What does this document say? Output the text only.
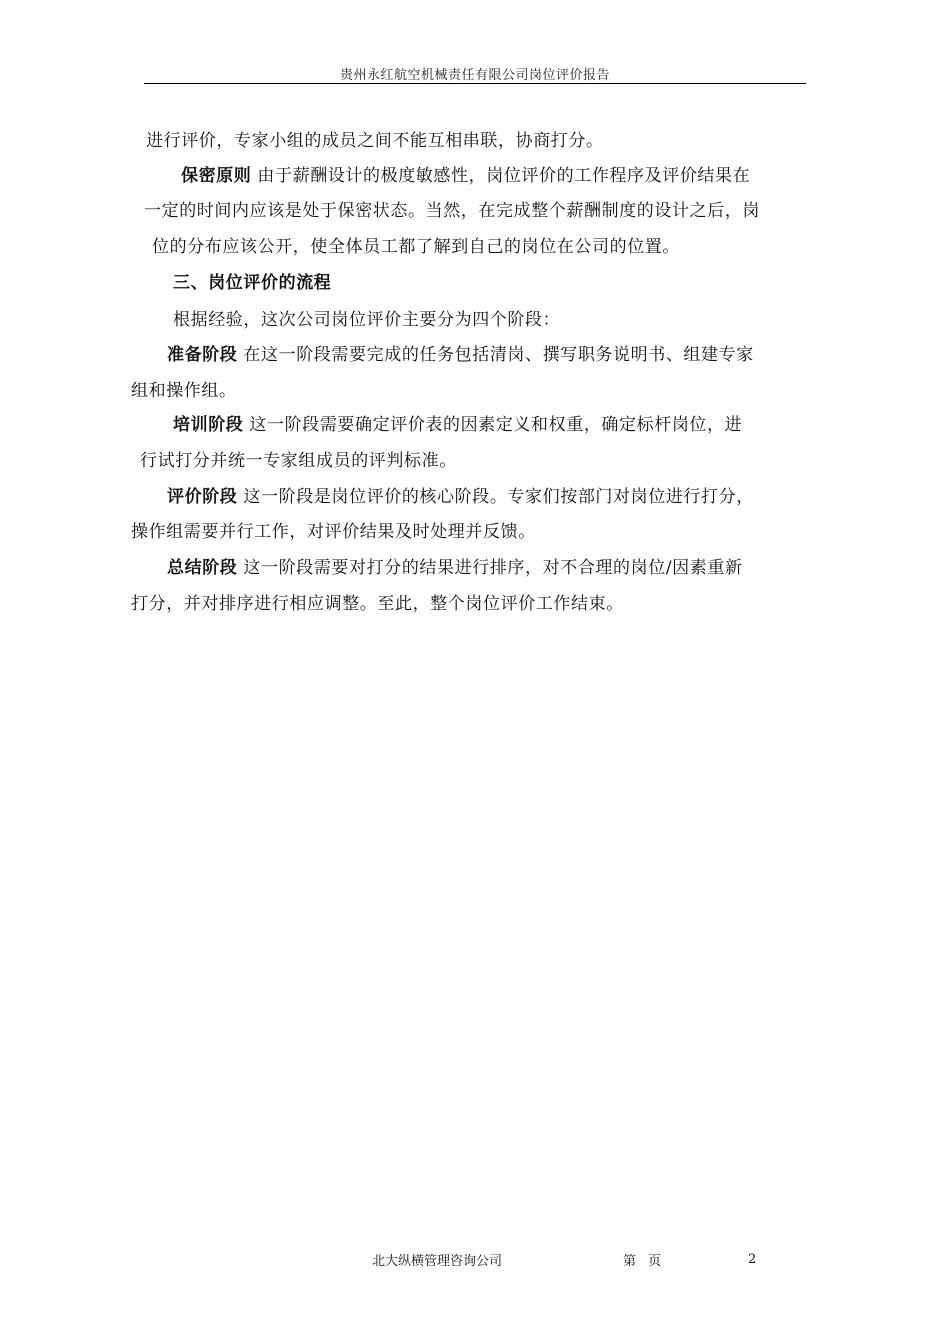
贵州永红航空机械责任有限公司岗位评价报告
进行评价，专家小组的成员之间不能互相串联，协商打分。
保密原则 由于薪酬设计的极度敏感性，岗位评价的工作程序及评价结果在
一定的时间内应该是处于保密状态。当然，在完成整个薪酬制度的设计之后，岗
位的分布应该公开，使全体员工都了解到自己的岗位在公司的位置。
三、岗位评价的流程
根据经验，这次公司岗位评价主要分为四个阶段：
准备阶段 在这一阶段需要完成的任务包括清岗、撰写职务说明书、组建专家
组和操作组。
培训阶段 这一阶段需要确定评价表的因素定义和权重，确定标杆岗位，进
行试打分并统一专家组成员的评判标准。
评价阶段 这一阶段是岗位评价的核心阶段。专家们按部门对岗位进行打分，
操作组需要并行工作，对评价结果及时处理并反馈。
总结阶段 这一阶段需要对打分的结果进行排序，对不合理的岗位/因素重新
打分，并对排序进行相应调整。至此，整个岗位评价工作结束。
北大纵横管理咨询公司	第 页	2
